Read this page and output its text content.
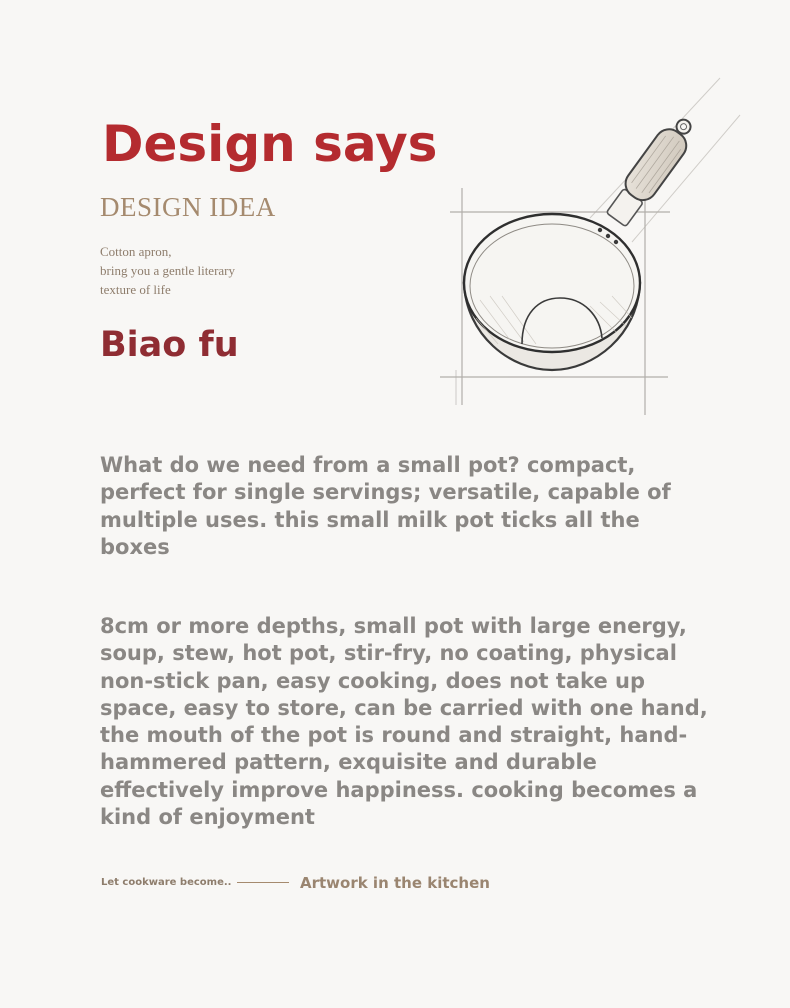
Design says
DESIGN IDEA
Cotton apron,
bring you a gentle literary
texture of life
Biao fu

What do we need from a small pot? compact, perfect for single servings; versatile, capable of multiple uses. this small milk pot ticks all the boxes

8cm or more depths, small pot with large energy, soup, stew, hot pot, stir-fry, no coating, physical non-stick pan, easy cooking, does not take up space, easy to store, can be carried with one hand, the mouth of the pot is round and straight, hand-hammered pattern, exquisite and durable effectively improve happiness. cooking becomes a kind of enjoyment

Let cookware become..	Artwork in the kitchen
